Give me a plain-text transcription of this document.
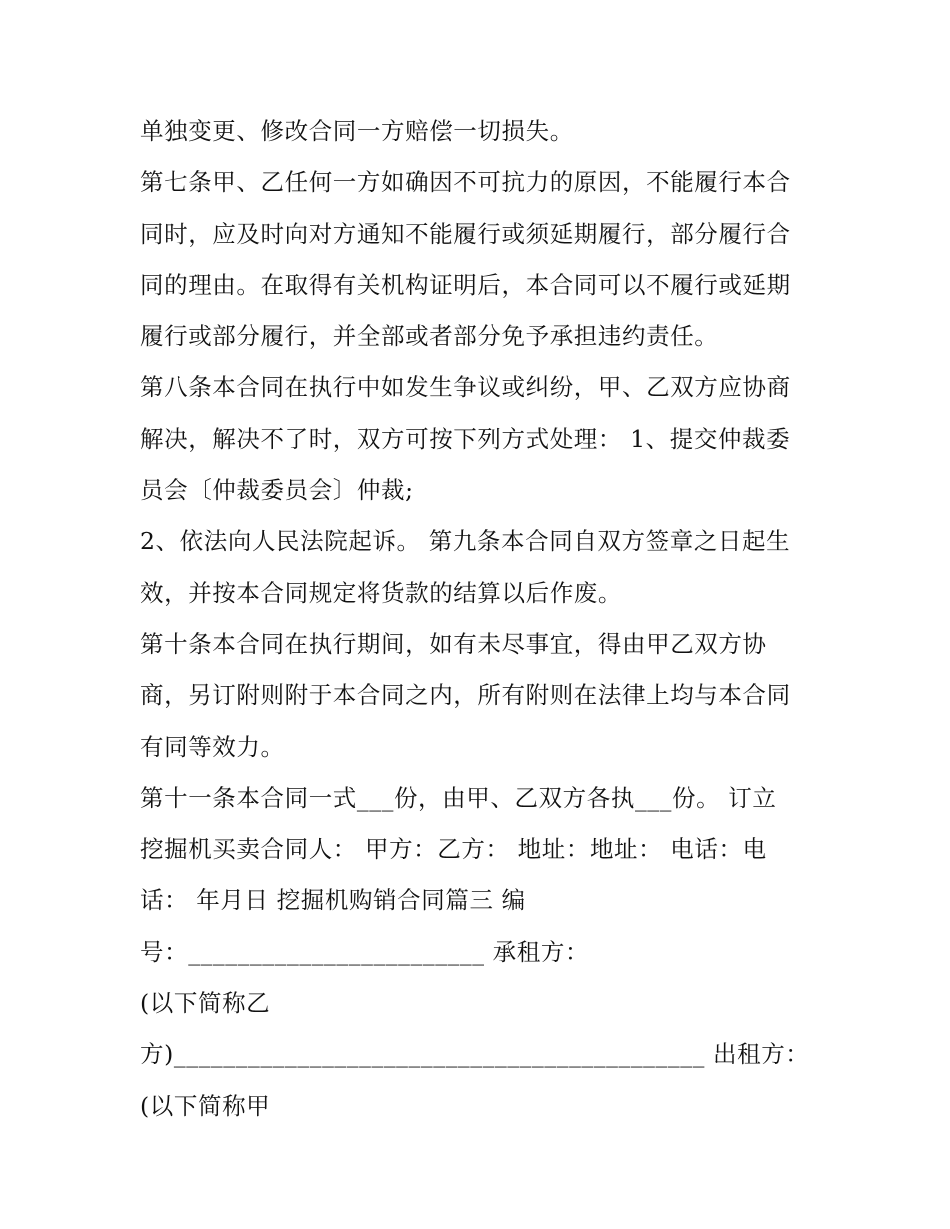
单独变更、修改合同一方赔偿一切损失。
第七条甲、乙任何一方如确因不可抗力的原因，不能履行本合
同时，应及时向对方通知不能履行或须延期履行，部分履行合
同的理由。在取得有关机构证明后，本合同可以不履行或延期
履行或部分履行，并全部或者部分免予承担违约责任。
第八条本合同在执行中如发生争议或纠纷，甲、乙双方应协商
解决，解决不了时，双方可按下列方式处理： 1、提交仲裁委
员会〔仲裁委员会〕仲裁;
2、依法向人民法院起诉。 第九条本合同自双方签章之日起生
效，并按本合同规定将货款的结算以后作废。
第十条本合同在执行期间，如有未尽事宜，得由甲乙双方协
商，另订附则附于本合同之内，所有附则在法律上均与本合同
有同等效力。
第十一条本合同一式___份，由甲、乙双方各执___份。 订立
挖掘机买卖合同人： 甲方：乙方： 地址：地址： 电话：电
话： 年月日 挖掘机购销合同篇三 编
号：________________________ 承租方：
(以下简称乙
方)___________________________________________ 出租方：
(以下简称甲
